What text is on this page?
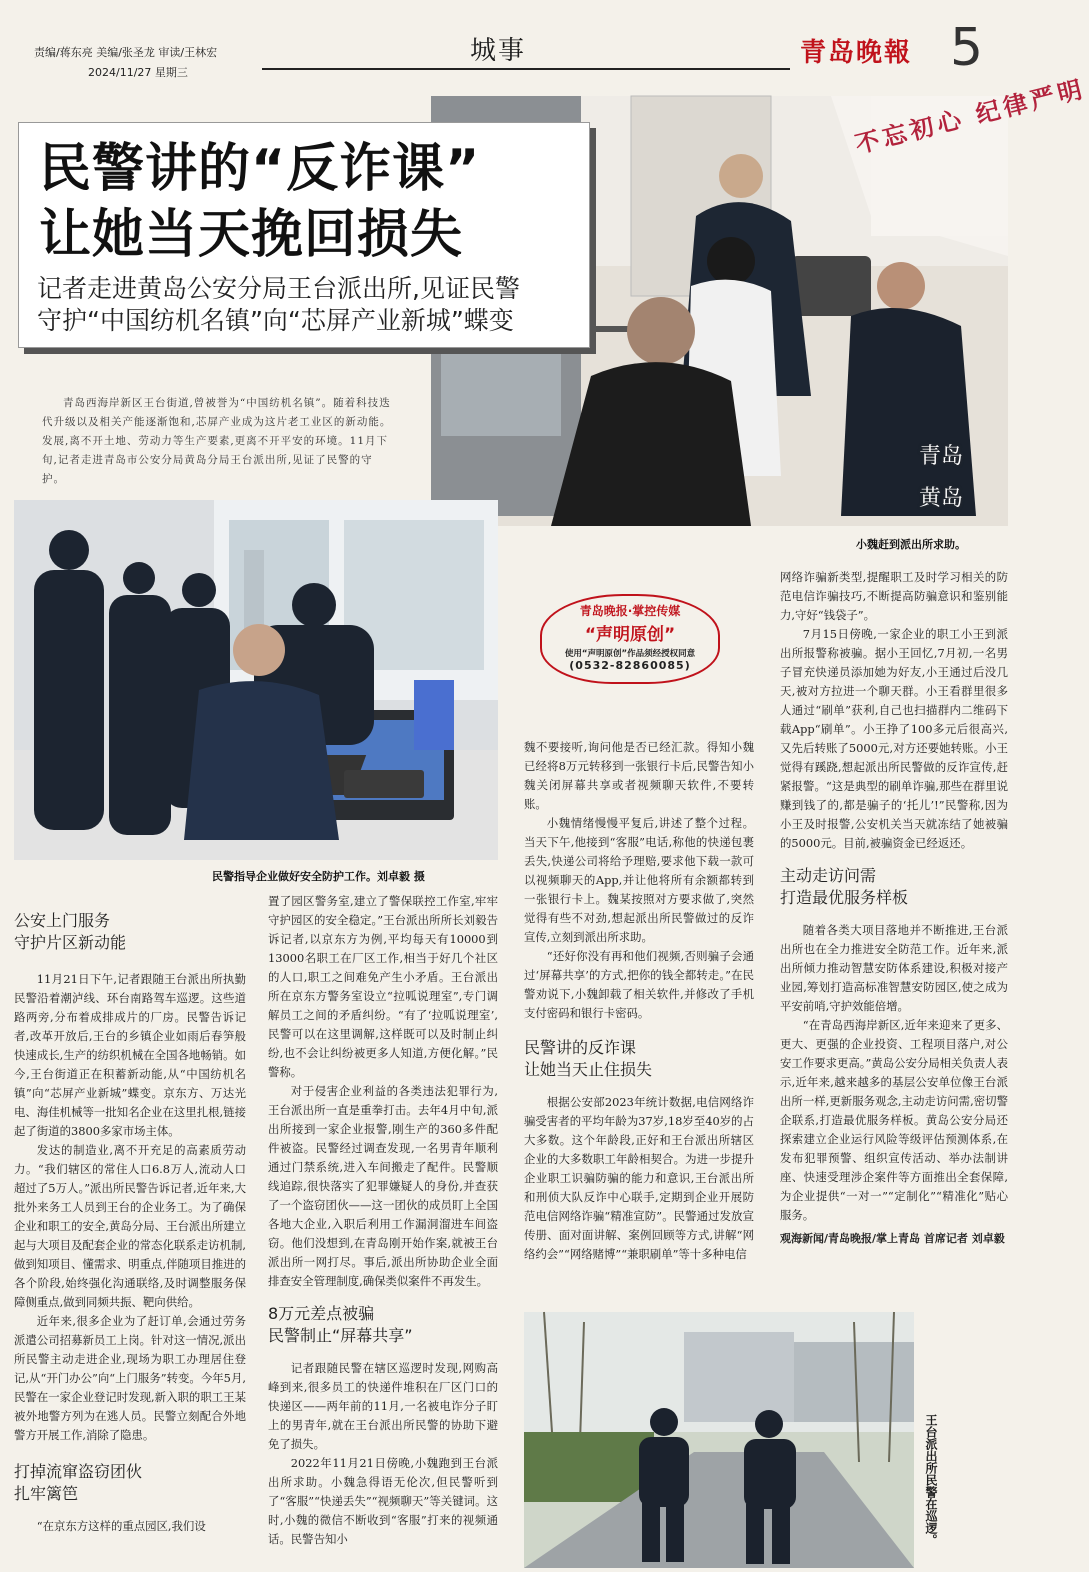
责编/蒋东亮 美编/张圣龙 审读/王林宏
2024/11/27 星期三
城事	青岛晚報 5
青岛
黄岛
不忘初心 纪律严明
小魏赶到派出所求助。
民警讲的“反诈课”
让她当天挽回损失
记者走进黄岛公安分局王台派出所,见证民警
守护“中国纺机名镇”向“芯屏产业新城”蝶变
青岛西海岸新区王台街道,曾被誉为“中国纺机名镇”。随着科技迭代升级以及相关产能逐渐饱和,芯屏产业成为这片老工业区的新动能。发展,离不开土地、劳动力等生产要素,更离不开平安的环境。11月下旬,记者走进青岛市公安分局黄岛分局王台派出所,见证了民警的守护。
民警指导企业做好安全防护工作。刘卓毅 摄
青岛晚报·掌控传媒
“声明原创”
使用“声明原创”作品须经授权同意
(0532-82860085)
公安上门服务
守护片区新动能

11月21日下午,记者跟随王台派出所执勤民警沿着潮泸线、环台南路驾车巡逻。这些道路两旁,分布着成排成片的厂房。民警告诉记者,改革开放后,王台的乡镇企业如雨后春笋般快速成长,生产的纺织机械在全国各地畅销。如今,王台街道正在积蓄新动能,从“中国纺机名镇”向“芯屏产业新城”蝶变。京东方、万达光电、海佳机械等一批知名企业在这里扎根,链接起了街道的3800多家市场主体。

发达的制造业,离不开充足的高素质劳动力。“我们辖区的常住人口6.8万人,流动人口超过了5万人。”派出所民警告诉记者,近年来,大批外来务工人员到王台的企业务工。为了确保企业和职工的安全,黄岛分局、王台派出所建立起与大项目及配套企业的常态化联系走访机制,做到知项目、懂需求、明重点,伴随项目推进的各个阶段,始终强化沟通联络,及时调整服务保障侧重点,做到同频共振、靶向供给。

近年来,很多企业为了赶订单,会通过劳务派遣公司招募新员工上岗。针对这一情况,派出所民警主动走进企业,现场为职工办理居住登记,从“开门办公”向“上门服务”转变。今年5月,民警在一家企业登记时发现,新入职的职工王某被外地警方列为在逃人员。民警立刻配合外地警方开展工作,消除了隐患。

打掉流窜盗窃团伙
扎牢篱笆

“在京东方这样的重点园区,我们设

置了园区警务室,建立了警保联控工作室,牢牢守护园区的安全稳定。”王台派出所所长刘毅告诉记者,以京东方为例,平均每天有10000到13000名职工在厂区工作,相当于好几个社区的人口,职工之间难免产生小矛盾。王台派出所在京东方警务室设立“拉呱说理室”,专门调解员工之间的矛盾纠纷。“有了‘拉呱说理室’,民警可以在这里调解,这样既可以及时制止纠纷,也不会让纠纷被更多人知道,方便化解。”民警称。

对于侵害企业利益的各类违法犯罪行为,王台派出所一直是重拳打击。去年4月中旬,派出所接到一家企业报警,刚生产的360多件配件被盗。民警经过调查发现,一名男青年顺利通过门禁系统,进入车间搬走了配件。民警顺线追踪,很快落实了犯罪嫌疑人的身份,并查获了一个盗窃团伙——这一团伙的成员盯上全国各地大企业,入职后利用工作漏洞溜进车间盗窃。他们没想到,在青岛刚开始作案,就被王台派出所一网打尽。事后,派出所协助企业全面排查安全管理制度,确保类似案件不再发生。

8万元差点被骗
民警制止“屏幕共享”

记者跟随民警在辖区巡逻时发现,网购高峰到来,很多员工的快递件堆积在厂区门口的快递区——两年前的11月,一名被电诈分子盯上的男青年,就在王台派出所民警的协助下避免了损失。

2022年11月21日傍晚,小魏跑到王台派出所求助。小魏急得语无伦次,但民警听到了“客服”“快递丢失”“视频聊天”等关键词。这时,小魏的微信不断收到“客服”打来的视频通话。民警告知小

魏不要接听,询问他是否已经汇款。得知小魏已经将8万元转移到一张银行卡后,民警告知小魏关闭屏幕共享或者视频聊天软件,不要转账。

小魏情绪慢慢平复后,讲述了整个过程。当天下午,他接到“客服”电话,称他的快递包裹丢失,快递公司将给予理赔,要求他下载一款可以视频聊天的App,并让他将所有余额都转到一张银行卡上。魏某按照对方要求做了,突然觉得有些不对劲,想起派出所民警做过的反诈宣传,立刻到派出所求助。

“还好你没有再和他们视频,否则骗子会通过‘屏幕共享’的方式,把你的钱全都转走。”在民警劝说下,小魏卸载了相关软件,并修改了手机支付密码和银行卡密码。

民警讲的反诈课
让她当天止住损失

根据公安部2023年统计数据,电信网络诈骗受害者的平均年龄为37岁,18岁至40岁的占大多数。这个年龄段,正好和王台派出所辖区企业的大多数职工年龄相契合。为进一步提升企业职工识骗防骗的能力和意识,王台派出所和刑侦大队反诈中心联手,定期到企业开展防范电信网络诈骗“精准宣防”。民警通过发放宣传册、面对面讲解、案例回顾等方式,讲解“网络约会”“网络赌博”“兼职刷单”等十多种电信

网络诈骗新类型,提醒职工及时学习相关的防范电信诈骗技巧,不断提高防骗意识和鉴别能力,守好“钱袋子”。

7月15日傍晚,一家企业的职工小王到派出所报警称被骗。据小王回忆,7月初,一名男子冒充快递员添加她为好友,小王通过后没几天,被对方拉进一个聊天群。小王看群里很多人通过“刷单”获利,自己也扫描群内二维码下载App“刷单”。小王挣了100多元后很高兴,又先后转账了5000元,对方还要她转账。小王觉得有蹊跷,想起派出所民警做的反诈宣传,赶紧报警。“这是典型的刷单诈骗,那些在群里说赚到钱了的,都是骗子的‘托儿’!”民警称,因为小王及时报警,公安机关当天就冻结了她被骗的5000元。目前,被骗资金已经返还。

主动走访问需
打造最优服务样板

随着各类大项目落地并不断推进,王台派出所也在全力推进安全防范工作。近年来,派出所倾力推动智慧安防体系建设,积极对接产业园,筹划打造高标准智慧安防园区,使之成为平安前哨,守护效能倍增。

“在青岛西海岸新区,近年来迎来了更多、更大、更强的企业投资、工程项目落户,对公安工作要求更高。”黄岛公安分局相关负责人表示,近年来,越来越多的基层公安单位像王台派出所一样,更新服务观念,主动走访问需,密切警企联系,打造最优服务样板。黄岛公安分局还探索建立企业运行风险等级评估预测体系,在发布犯罪预警、组织宣传活动、举办法制讲座、快速受理涉企案件等方面推出全套保障,为企业提供“一对一”“定制化”“精准化”贴心服务。

观海新闻/青岛晚报/掌上青岛 首席记者 刘卓毅
王台派出所民警在巡逻。
